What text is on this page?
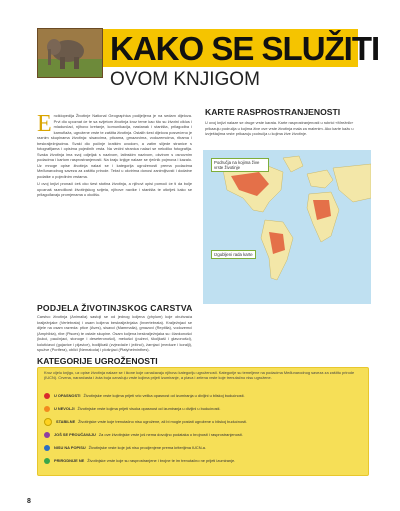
KAKO SE SLUŽITI
OVOM KNJIGOM
Enciklopedija Životinje National Geographica podijeljena je na sedam dijelova. Prvi dio upoznat će te sa svijetom životinja kroz teme kao što su životni ciklus i mladunčad, njihovo kretanje, komunikacija, nastanak i staništa, prilagodba i kamuflaža, ugrožene vrste te zaštita životinja. Ostalih šest dijelova posvećeno je raznim skupinama životinja: sisavcima, pticama, gmazovima, vodozemcima, ribama i beskralježnjacima. Svaki dio počinje kratkim uvodom, a zatim slijede stranice s fotografijama i opisima pojedinih vrsta. Na većini stranica nalazi se nekoliko fotografija. Svaka životinja ima svoj odjeljak s nazivom, latinskim nazivom, okvirom s osnovnim podacima i kartom rasprostranjenosti. Na kraju knjige nalaze se rječnik pojmova i kazalo. Uz mnoge opise životinja nalazi se i kategorija ugroženosti prema podacima Međunarodnog saveza za zaštitu prirode. Tekst u okvirima donosi zanimljivosti i dodatne podatke o pojedinim vrstama.
U ovoj knjizi pronaći ćeš oko šest stotina životinja, a njihovi opisi pomoći će ti da bolje upoznaš raznolikost životinjskog svijeta, njihove navike i staništa te otkriješ kako se prilagođavaju promjenama u okolišu.
PODJELA ŽIVOTINJSKOG CARSTVA
Carstvo životinja (Animalia) sastoji se od jednog koljena (phylum) koje obuhvaća kralježnjake (Vertebrata) i osam koljena beskralježnjaka (Invertebrata). Kralježnjaci se dijele na osam razreda: ptice (Aves), sisavci (Mammalia), gmazovi (Reptilia), vodozemci (Amphibia), ribe (Pisces) te ostale skupine. Osam koljena beskralježnjaka su: člankonošci (kukci, paučnjaci, stonoge i deseteronošci), mekušci (puževi, školjkaši i glavonošci), kolutićavci (gujavice i pijavice), bodljikaši (zvjezdače i ježinci), žarnjaci (meduze i koralji), spužve (Porifera), oblići (Nematoda) i plošnjaci (Platyhelminthes).
KARTE RASPROSTRANJENOSTI
U ovoj knjizi nalaze se druge vrste karata. Karte rasprostranjenosti u rubrici «Mrežnik» prikazuju područja u kojima žive ove vrste životinja mala za malenim. Ako karte kažu u izvještajima vrste prikazuju područja u kojima žive životinje.
Područja na kojima žive vrste životinje
Izgubljeni rada karte
KATEGORIJE UGROŽENOSTI
Kroz cijelu knjigu, uz opise životinja nalaze se i ikone koje označavaju njihovu kategoriju ugroženosti. Kategorije su temeljene na podacima Međunarodnog saveza za zaštitu prirode (IUCN). Crvena, narančasta i žuta boja označuju vrste kojima prijeti izumiranje, a plava i zelena vrste koje trenutačno nisu ugrožene.
U OPASNOSTI Životinjske vrste kojima prijeti vrlo velika opasnost od izumiranja u divljini u bliskoj budućnosti.
U NEVOLJI Životinjske vrste kojima prijeti visoka opasnost od izumiranja u divljini u budućnosti.
STABILNE Životinjske vrste koje trenutačno nisu ugrožene, ali bi mogle postati ugrožene u bliskoj budućnosti.
JOŠ SE PROUČAVAJU Za ove životinjske vrste još nema dovoljno podataka o brojnosti i rasprostranjenosti.
NISU NA POPISU Životinjske vrste koje još nisu procijenjene prema kriterijima IUCN-a.
PRIRODNIJE NE Životinjske vrste koje su rasprostranjene i brojne te im trenutačno ne prijeti izumiranje.
8
